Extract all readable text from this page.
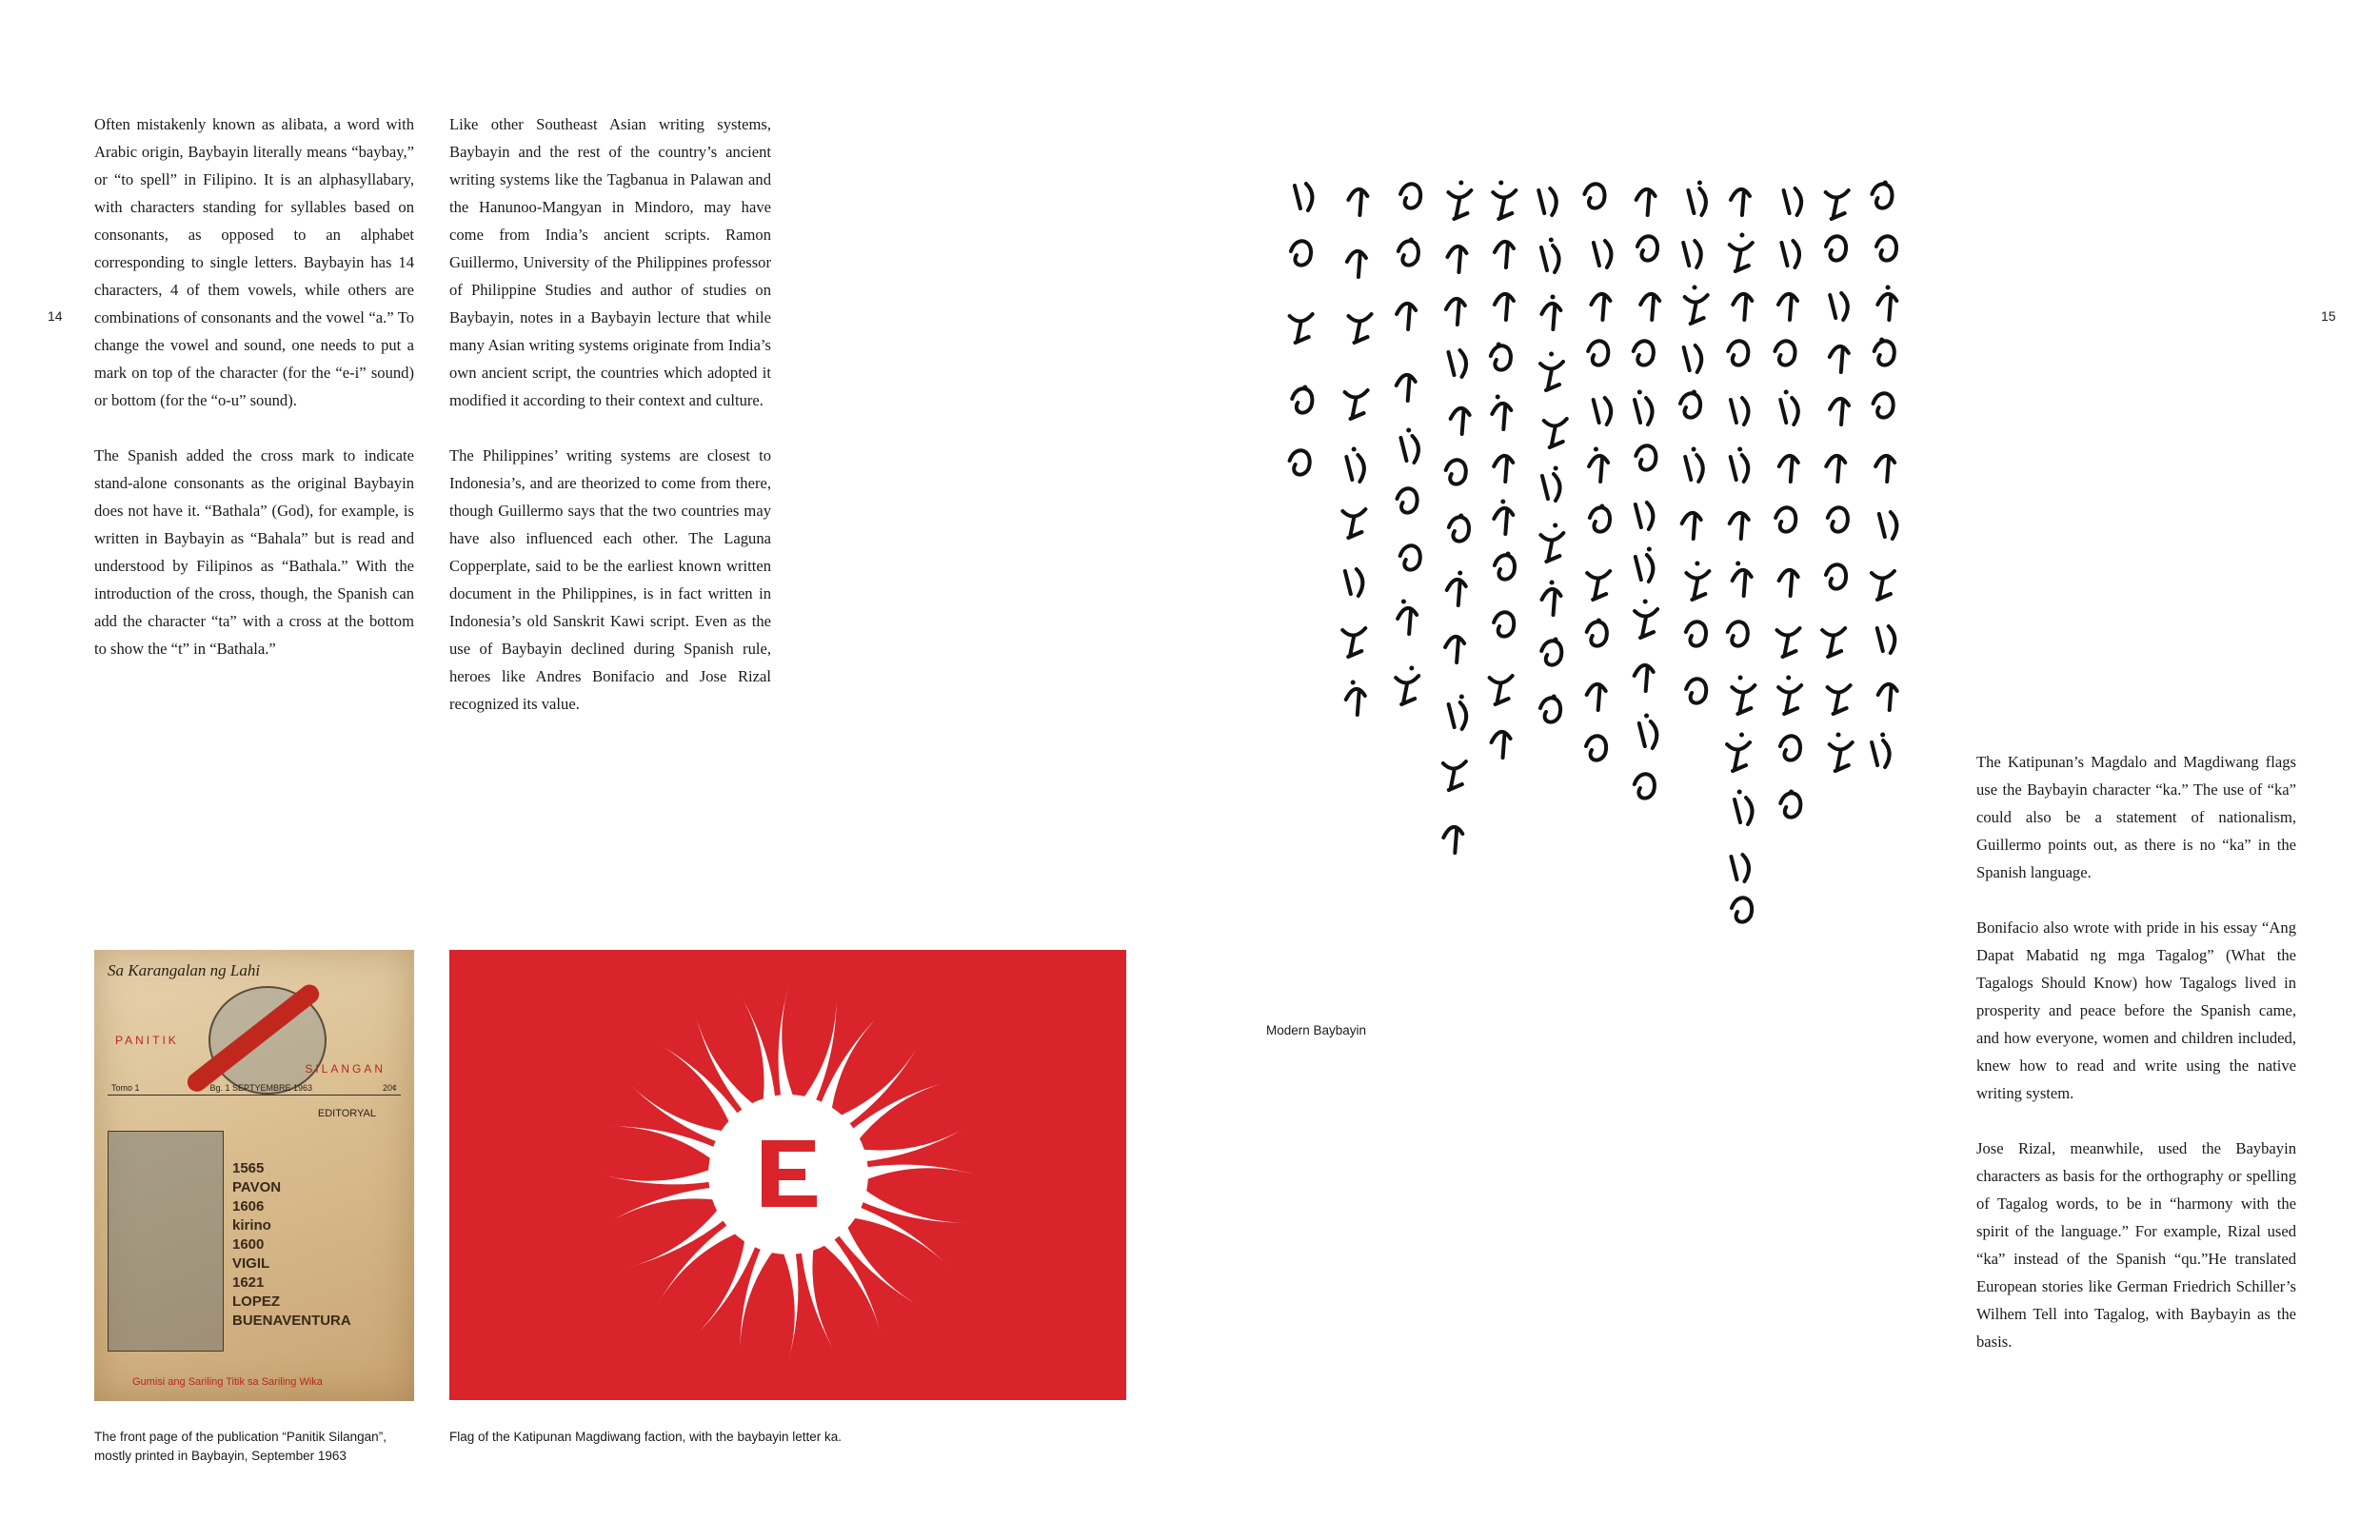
14	15

Often mistakenly known as alibata, a word with Arabic origin, Baybayin literally means “baybay,” or “to spell” in Filipino. It is an alphasyllabary, with characters standing for syllables based on consonants, as opposed to an alphabet corresponding to single letters. Baybayin has 14 characters, 4 of them vowels, while others are combinations of consonants and the vowel “a.” To change the vowel and sound, one needs to put a mark on top of the character (for the “e-i” sound) or bottom (for the “o-u” sound).

The Spanish added the cross mark to indicate stand-alone consonants as the original Baybayin does not have it. “Bathala” (God), for example, is written in Baybayin as “Bahala” but is read and understood by Filipinos as “Bathala.” With the introduction of the cross, though, the Spanish can add the character “ta” with a cross at the bottom to show the “t” in “Bathala.”

Like other Southeast Asian writing systems, Baybayin and the rest of the country’s ancient writing systems like the Tagbanua in Palawan and the Hanunoo-Mangyan in Mindoro, may have come from India’s ancient scripts. Ramon Guillermo, University of the Philippines professor of Philippine Studies and author of studies on Baybayin, notes in a Baybayin lecture that while many Asian writing systems originate from India’s own ancient script, the countries which adopted it modified it according to their context and culture.

The Philippines’ writing systems are closest to Indonesia’s, and are theorized to come from there, though Guillermo says that the two countries may have also influenced each other. The Laguna Copperplate, said to be the earliest known written document in the Philippines, is in fact written in Indonesia’s old Sanskrit Kawi script. Even as the use of Baybayin declined during Spanish rule, heroes like Andres Bonifacio and Jose Rizal recognized its value.

The Katipunan’s Magdalo and Magdiwang flags use the Baybayin character “ka.” The use of “ka” could also be a statement of nationalism, Guillermo points out, as there is no “ka” in the Spanish language.

Bonifacio also wrote with pride in his essay “Ang Dapat Mabatid ng mga Tagalog” (What the Tagalogs Should Know) how Tagalogs lived in prosperity and peace before the Spanish came, and how everyone, women and children included, knew how to read and write using the native writing system.

Jose Rizal, meanwhile, used the Baybayin characters as basis for the orthography or spelling of Tagalog words, to be in “harmony with the spirit of the language.” For example, Rizal used “ka” instead of the Spanish “qu.”He translated European stories like German Friedrich Schiller’s Wilhem Tell into Tagalog, with Baybayin as the basis.

Sa Karangalan ng Lahi
PANITIK
SILANGAN
Tomo 1	Bg. 1 SEPTYEMBRE 1963	20¢
EDITORYAL
1565
PAVON
1606
kirino
1600
VIGIL
1621
LOPEZ
BUENAVENTURA
Gumisi ang Sariling Titik sa Sariling Wika
The front page of the publication “Panitik Silangan”, mostly printed in Baybayin, September 1963
Flag of the Katipunan Magdiwang faction, with the baybayin letter ka.
Modern Baybayin
